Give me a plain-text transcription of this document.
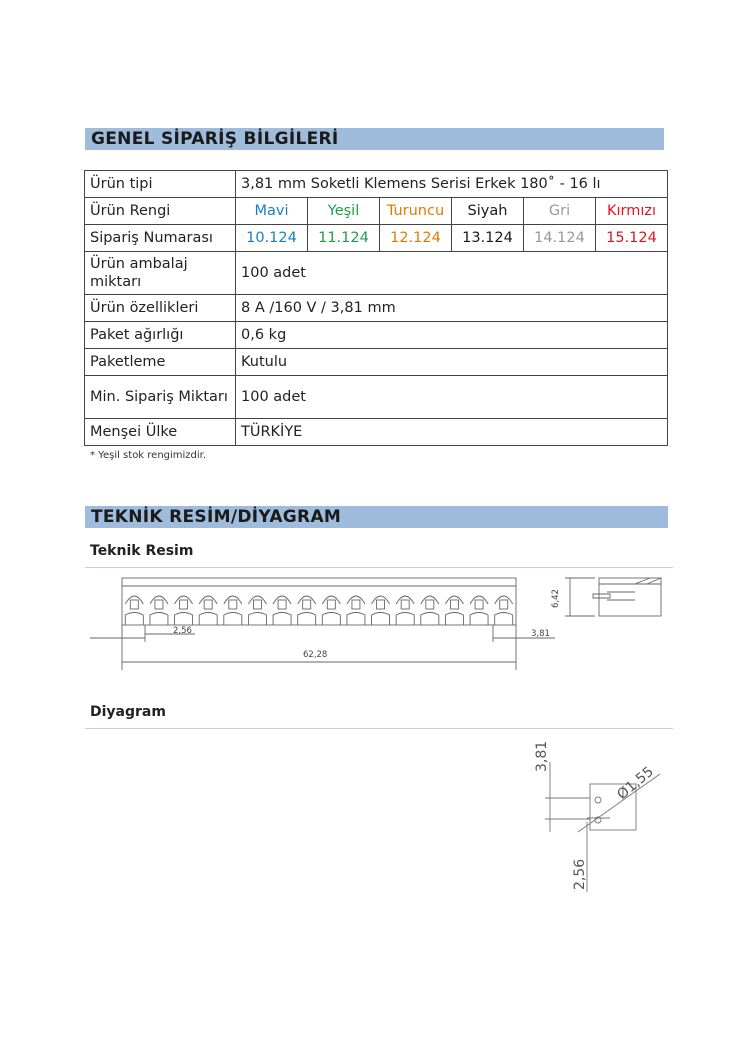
GENEL SİPARİŞ BİLGİLERİ
Ürün tipi	3,81 mm Soketli Klemens Serisi Erkek 180˚ - 16 lı					
Ürün Rengi	Mavi	Yeşil	Turuncu	Siyah	Gri	Kırmızı
Sipariş Numarası	10.124	11.124	12.124	13.124	14.124	15.124
Ürün ambalaj miktarı	100 adet					
Ürün özellikleri	8 A /160 V / 3,81 mm					
Paket ağırlığı	0,6 kg					
Paketleme	Kutulu					
Min. Sipariş Miktarı	100 adet					
Menşei Ülke	TÜRKİYE					
* Yeşil stok rengimizdir.
TEKNİK RESİM/DİYAGRAM
Teknik Resim
2,56
62,28
3,81
6,42
Diyagram
3,81
Ø1,55
2,56
